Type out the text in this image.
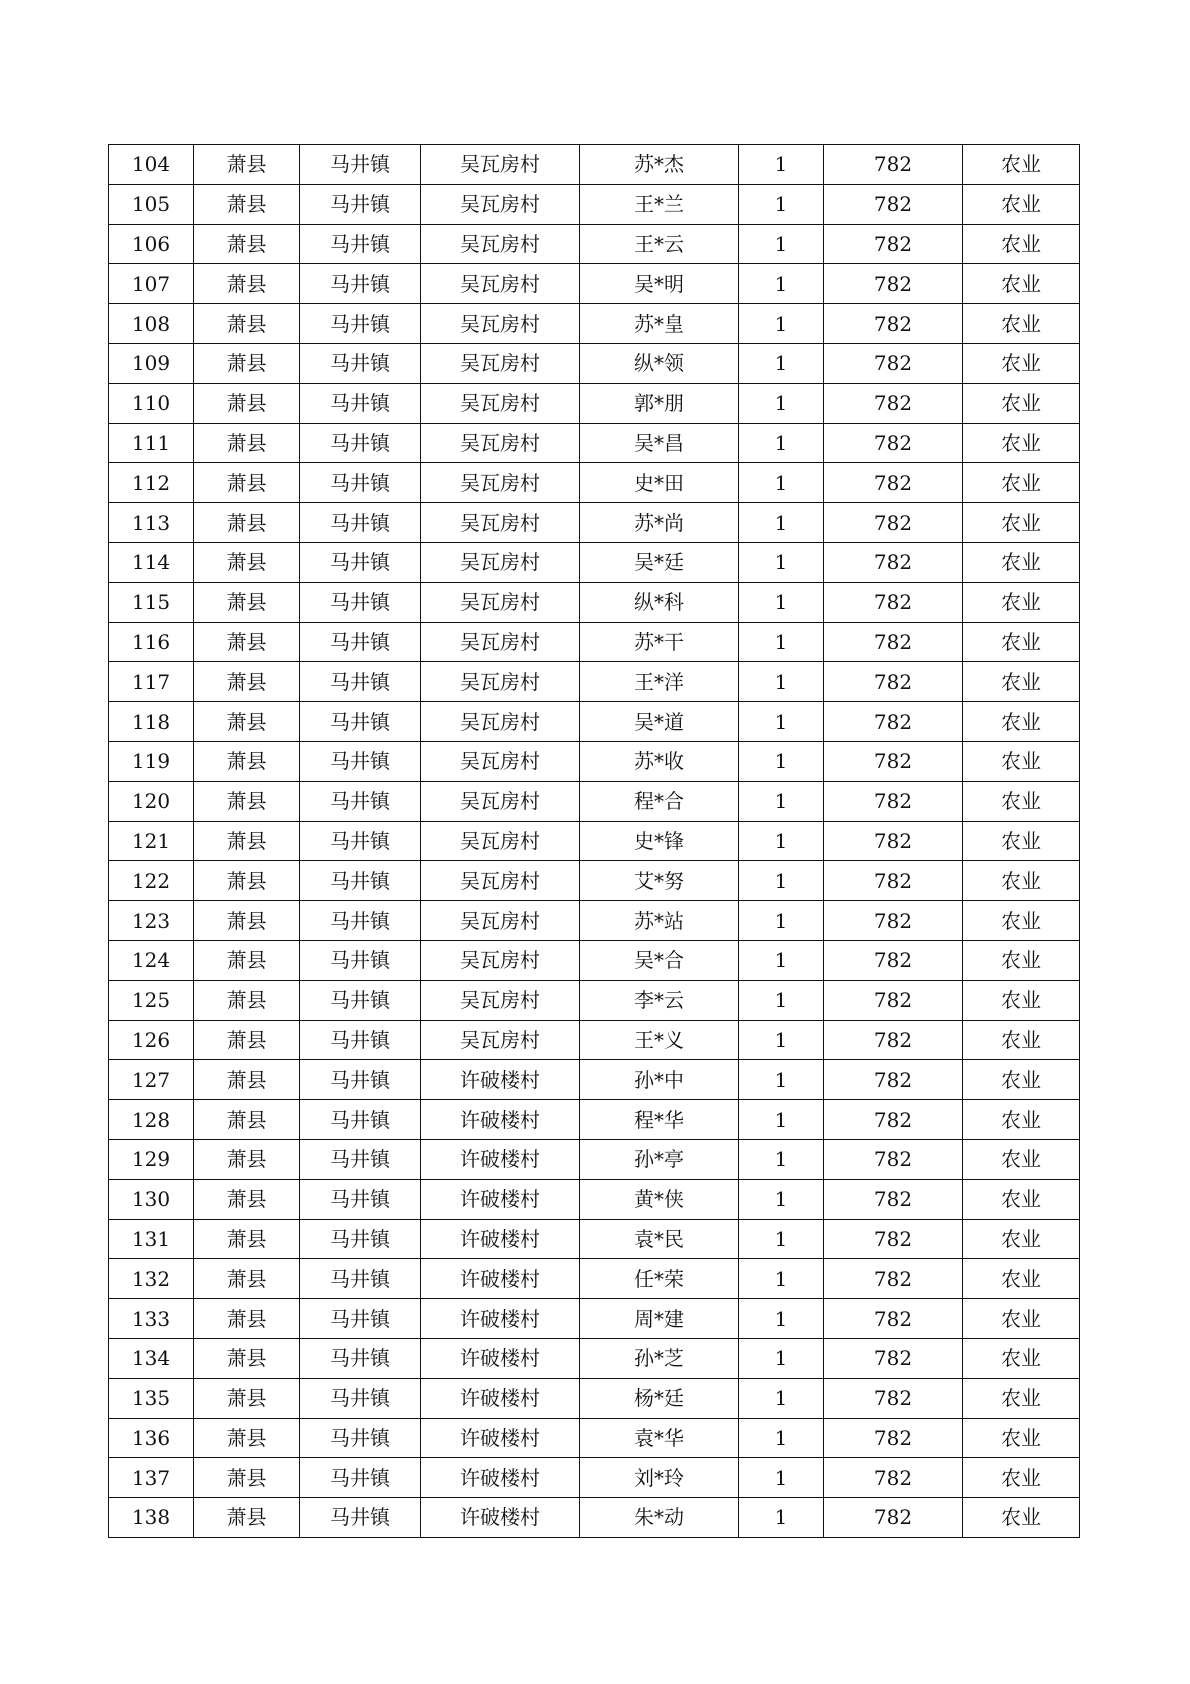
104	萧县	马井镇	吴瓦房村	苏*杰	1	782	农业
105	萧县	马井镇	吴瓦房村	王*兰	1	782	农业
106	萧县	马井镇	吴瓦房村	王*云	1	782	农业
107	萧县	马井镇	吴瓦房村	吴*明	1	782	农业
108	萧县	马井镇	吴瓦房村	苏*皇	1	782	农业
109	萧县	马井镇	吴瓦房村	纵*领	1	782	农业
110	萧县	马井镇	吴瓦房村	郭*朋	1	782	农业
111	萧县	马井镇	吴瓦房村	吴*昌	1	782	农业
112	萧县	马井镇	吴瓦房村	史*田	1	782	农业
113	萧县	马井镇	吴瓦房村	苏*尚	1	782	农业
114	萧县	马井镇	吴瓦房村	吴*廷	1	782	农业
115	萧县	马井镇	吴瓦房村	纵*科	1	782	农业
116	萧县	马井镇	吴瓦房村	苏*干	1	782	农业
117	萧县	马井镇	吴瓦房村	王*洋	1	782	农业
118	萧县	马井镇	吴瓦房村	吴*道	1	782	农业
119	萧县	马井镇	吴瓦房村	苏*收	1	782	农业
120	萧县	马井镇	吴瓦房村	程*合	1	782	农业
121	萧县	马井镇	吴瓦房村	史*锋	1	782	农业
122	萧县	马井镇	吴瓦房村	艾*努	1	782	农业
123	萧县	马井镇	吴瓦房村	苏*站	1	782	农业
124	萧县	马井镇	吴瓦房村	吴*合	1	782	农业
125	萧县	马井镇	吴瓦房村	李*云	1	782	农业
126	萧县	马井镇	吴瓦房村	王*义	1	782	农业
127	萧县	马井镇	许破楼村	孙*中	1	782	农业
128	萧县	马井镇	许破楼村	程*华	1	782	农业
129	萧县	马井镇	许破楼村	孙*亭	1	782	农业
130	萧县	马井镇	许破楼村	黄*侠	1	782	农业
131	萧县	马井镇	许破楼村	袁*民	1	782	农业
132	萧县	马井镇	许破楼村	任*荣	1	782	农业
133	萧县	马井镇	许破楼村	周*建	1	782	农业
134	萧县	马井镇	许破楼村	孙*芝	1	782	农业
135	萧县	马井镇	许破楼村	杨*廷	1	782	农业
136	萧县	马井镇	许破楼村	袁*华	1	782	农业
137	萧县	马井镇	许破楼村	刘*玲	1	782	农业
138	萧县	马井镇	许破楼村	朱*动	1	782	农业
